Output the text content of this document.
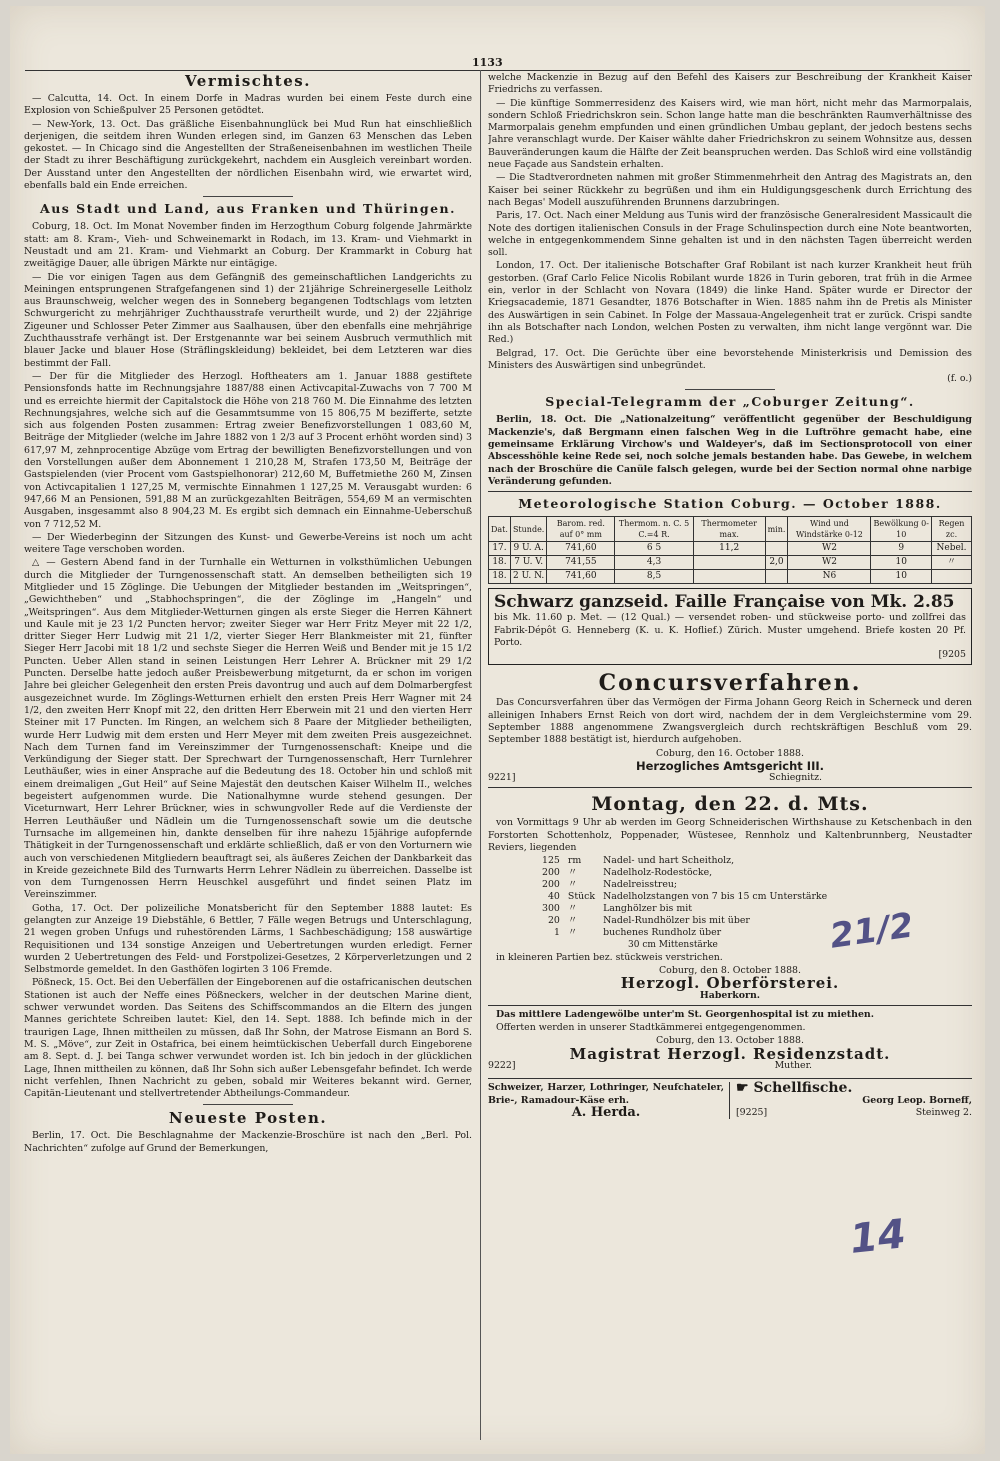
1133
Vermischtes.

— Calcutta, 14. Oct. In einem Dorfe in Madras wurden bei einem Feste durch eine Explosion von Schießpulver 25 Personen getödtet.

— New-York, 13. Oct. Das gräßliche Eisenbahnunglück bei Mud Run hat einschließlich derjenigen, die seitdem ihren Wunden erlegen sind, im Ganzen 63 Menschen das Leben gekostet. — In Chicago sind die Angestellten der Straßeneisenbahnen im westlichen Theile der Stadt zu ihrer Beschäftigung zurückgekehrt, nachdem ein Ausgleich vereinbart worden. Der Ausstand unter den Angestellten der nördlichen Eisenbahn wird, wie erwartet wird, ebenfalls bald ein Ende erreichen.

Aus Stadt und Land, aus Franken und Thüringen.

Coburg, 18. Oct. Im Monat November finden im Herzogthum Coburg folgende Jahrmärkte statt: am 8. Kram-, Vieh- und Schweinemarkt in Rodach, im 13. Kram- und Viehmarkt in Neustadt und am 21. Kram- und Viehmarkt an Coburg. Der Krammarkt in Coburg hat zweitägige Dauer, alle übrigen Märkte nur eintägige.

— Die vor einigen Tagen aus dem Gefängniß des gemeinschaftlichen Landgerichts zu Meiningen entsprungenen Strafgefangenen sind 1) der 21jährige Schreinergeselle Leitholz aus Braunschweig, welcher wegen des in Sonneberg begangenen Todtschlags vom letzten Schwurgericht zu mehrjähriger Zuchthausstrafe verurtheilt wurde, und 2) der 22jährige Zigeuner und Schlosser Peter Zimmer aus Saalhausen, über den ebenfalls eine mehrjährige Zuchthausstrafe verhängt ist. Der Erstgenannte war bei seinem Ausbruch vermuthlich mit blauer Jacke und blauer Hose (Sträflingskleidung) bekleidet, bei dem Letzteren war dies bestimmt der Fall.

— Der für die Mitglieder des Herzogl. Hoftheaters am 1. Januar 1888 gestiftete Pensionsfonds hatte im Rechnungsjahre 1887/88 einen Activcapital-Zuwachs von 7 700 M und es erreichte hiermit der Capitalstock die Höhe von 218 760 M. Die Einnahme des letzten Rechnungsjahres, welche sich auf die Gesammtsumme von 15 806,75 M bezifferte, setzte sich aus folgenden Posten zusammen: Ertrag zweier Benefizvorstellungen 1 083,60 M, Beiträge der Mitglieder (welche im Jahre 1882 von 1 2/3 auf 3 Procent erhöht worden sind) 3 617,97 M, zehnprocentige Abzüge vom Ertrag der bewilligten Benefizvorstellungen und von den Vorstellungen außer dem Abonnement 1 210,28 M, Strafen 173,50 M, Beiträge der Gastspielenden (vier Procent vom Gastspielhonorar) 212,60 M, Buffetmiethe 260 M, Zinsen von Activcapitalien 1 127,25 M, vermischte Einnahmen 1 127,25 M. Verausgabt wurden: 6 947,66 M an Pensionen, 591,88 M an zurückgezahlten Beiträgen, 554,69 M an vermischten Ausgaben, insgesammt also 8 904,23 M. Es ergibt sich demnach ein Einnahme-Ueberschuß von 7 712,52 M.

— Der Wiederbeginn der Sitzungen des Kunst- und Gewerbe-Vereins ist noch um acht weitere Tage verschoben worden.

△ — Gestern Abend fand in der Turnhalle ein Wetturnen in volksthümlichen Uebungen durch die Mitglieder der Turngenossenschaft statt. An demselben betheiligten sich 19 Mitglieder und 15 Zöglinge. Die Uebungen der Mitglieder bestanden im „Weitspringen“, „Gewichtheben“ und „Stabhochspringen“, die der Zöglinge im „Hangeln“ und „Weitspringen“. Aus dem Mitglieder-Wetturnen gingen als erste Sieger die Herren Kähnert und Kaule mit je 23 1/2 Puncten hervor; zweiter Sieger war Herr Fritz Meyer mit 22 1/2, dritter Sieger Herr Ludwig mit 21 1/2, vierter Sieger Herr Blankmeister mit 21, fünfter Sieger Herr Jacobi mit 18 1/2 und sechste Sieger die Herren Weiß und Bender mit je 15 1/2 Puncten. Ueber Allen stand in seinen Leistungen Herr Lehrer A. Brückner mit 29 1/2 Puncten. Derselbe hatte jedoch außer Preisbewerbung mitgeturnt, da er schon im vorigen Jahre bei gleicher Gelegenheit den ersten Preis davontrug und auch auf dem Dolmarbergfest ausgezeichnet wurde. Im Zöglings-Wetturnen erhielt den ersten Preis Herr Wagner mit 24 1/2, den zweiten Herr Knopf mit 22, den dritten Herr Eberwein mit 21 und den vierten Herr Steiner mit 17 Puncten. Im Ringen, an welchem sich 8 Paare der Mitglieder betheiligten, wurde Herr Ludwig mit dem ersten und Herr Meyer mit dem zweiten Preis ausgezeichnet. Nach dem Turnen fand im Vereinszimmer der Turngenossenschaft: Kneipe und die Verkündigung der Sieger statt. Der Sprechwart der Turngenossenschaft, Herr Turnlehrer Leuthäußer, wies in einer Ansprache auf die Bedeutung des 18. October hin und schloß mit einem dreimaligen „Gut Heil“ auf Seine Majestät den deutschen Kaiser Wilhelm II., welches begeistert aufgenommen wurde. Die Nationalhymne wurde stehend gesungen. Der Viceturnwart, Herr Lehrer Brückner, wies in schwungvoller Rede auf die Verdienste der Herren Leuthäußer und Nädlein um die Turngenossenschaft sowie um die deutsche Turnsache im allgemeinen hin, dankte denselben für ihre nahezu 15jährige aufopfernde Thätigkeit in der Turngenossenschaft und erklärte schließlich, daß er von den Vorturnern wie auch von verschiedenen Mitgliedern beauftragt sei, als äußeres Zeichen der Dankbarkeit das in Kreide gezeichnete Bild des Turnwarts Herrn Lehrer Nädlein zu überreichen. Dasselbe ist von dem Turngenossen Herrn Heuschkel ausgeführt und findet seinen Platz im Vereinszimmer.

Gotha, 17. Oct. Der polizeiliche Monatsbericht für den September 1888 lautet: Es gelangten zur Anzeige 19 Diebstähle, 6 Bettler, 7 Fälle wegen Betrugs und Unterschlagung, 21 wegen groben Unfugs und ruhestörenden Lärms, 1 Sachbeschädigung; 158 auswärtige Requisitionen und 134 sonstige Anzeigen und Uebertretungen wurden erledigt. Ferner wurden 2 Uebertretungen des Feld- und Forstpolizei-Gesetzes, 2 Körperverletzungen und 2 Selbstmorde gemeldet. In den Gasthöfen logirten 3 106 Fremde.

Pößneck, 15. Oct. Bei den Ueberfällen der Eingeborenen auf die ostafricanischen deutschen Stationen ist auch der Neffe eines Pößneckers, welcher in der deutschen Marine dient, schwer verwundet worden. Das Seitens des Schiffscommandos an die Eltern des jungen Mannes gerichtete Schreiben lautet: Kiel, den 14. Sept. 1888. Ich befinde mich in der traurigen Lage, Ihnen mittheilen zu müssen, daß Ihr Sohn, der Matrose Eismann an Bord S. M. S. „Möve“, zur Zeit in Ostafrica, bei einem heimtückischen Ueberfall durch Eingeborene am 8. Sept. d. J. bei Tanga schwer verwundet worden ist. Ich bin jedoch in der glücklichen Lage, Ihnen mittheilen zu können, daß Ihr Sohn sich außer Lebensgefahr befindet. Ich werde nicht verfehlen, Ihnen Nachricht zu geben, sobald mir Weiteres bekannt wird. Gerner, Capitän-Lieutenant und stellvertretender Abtheilungs-Commandeur.

Neueste Posten.

Berlin, 17. Oct. Die Beschlagnahme der Mackenzie-Broschüre ist nach den „Berl. Pol. Nachrichten“ zufolge auf Grund der Bemerkungen,

welche Mackenzie in Bezug auf den Befehl des Kaisers zur Beschreibung der Krankheit Kaiser Friedrichs zu verfassen.

— Die künftige Sommerresidenz des Kaisers wird, wie man hört, nicht mehr das Marmorpalais, sondern Schloß Friedrichskron sein. Schon lange hatte man die beschränkten Raumverhältnisse des Marmorpalais genehm empfunden und einen gründlichen Umbau geplant, der jedoch bestens sechs Jahre veranschlagt wurde. Der Kaiser wählte daher Friedrichskron zu seinem Wohnsitze aus, dessen Bauveränderungen kaum die Hälfte der Zeit beanspruchen werden. Das Schloß wird eine vollständig neue Façade aus Sandstein erhalten.

— Die Stadtverordneten nahmen mit großer Stimmenmehrheit den Antrag des Magistrats an, den Kaiser bei seiner Rückkehr zu begrüßen und ihm ein Huldigungsgeschenk durch Errichtung des nach Begas' Modell auszuführenden Brunnens darzubringen.

Paris, 17. Oct. Nach einer Meldung aus Tunis wird der französische Generalresident Massicault die Note des dortigen italienischen Consuls in der Frage Schulinspection durch eine Note beantworten, welche in entgegenkommendem Sinne gehalten ist und in den nächsten Tagen überreicht werden soll.

London, 17. Oct. Der italienische Botschafter Graf Robilant ist nach kurzer Krankheit heut früh gestorben. (Graf Carlo Felice Nicolis Robilant wurde 1826 in Turin geboren, trat früh in die Armee ein, verlor in der Schlacht von Novara (1849) die linke Hand. Später wurde er Director der Kriegsacademie, 1871 Gesandter, 1876 Botschafter in Wien. 1885 nahm ihn de Pretis als Minister des Auswärtigen in sein Cabinet. In Folge der Massaua-Angelegenheit trat er zurück. Crispi sandte ihn als Botschafter nach London, welchen Posten zu verwalten, ihm nicht lange vergönnt war. Die Red.)

Belgrad, 17. Oct. Die Gerüchte über eine bevorstehende Ministerkrisis und Demission des Ministers des Auswärtigen sind unbegründet.

(f. o.)
Special-Telegramm der „Coburger Zeitung“.

Berlin, 18. Oct. Die „Nationalzeitung“ veröffentlicht gegenüber der Beschuldigung Mackenzie's, daß Bergmann einen falschen Weg in die Luftröhre gemacht habe, eine gemeinsame Erklärung Virchow's und Waldeyer's, daß im Sectionsprotocoll von einer Abscesshöhle keine Rede sei, noch solche jemals bestanden habe. Das Gewebe, in welchem nach der Broschüre die Canüle falsch gelegen, wurde bei der Section normal ohne narbige Veränderung gefunden.

Meteorologische Station Coburg. — October 1888.
Dat.	Stunde.	Barom. red. auf 0° mm	Thermom. n. C. 5 C.=4 R.	Thermometer max.	min.	Wind und Windstärke 0-12	Bewölkung 0-10	Regen zc.
17.	9 U. A.	741,60	6 5	11,2		W2	9	Nebel.
18.	7 U. V.	741,55	4,3		2,0	W2	10	〃
18.	2 U. N.	741,60	8,5			N6	10	
Schwarz ganzseid. Faille Française von Mk. 2.85
bis Mk. 11.60 p. Met. — (12 Qual.) — versendet roben- und stückweise porto- und zollfrei das Fabrik-Dépôt G. Henneberg (K. u. K. Hoflief.) Zürich. Muster umgehend. Briefe kosten 20 Pf. Porto.
[9205
Concursverfahren.

Das Concursverfahren über das Vermögen der Firma Johann Georg Reich in Scherneck und deren alleinigen Inhabers Ernst Reich von dort wird, nachdem der in dem Vergleichstermine vom 29. September 1888 angenommene Zwangsvergleich durch rechtskräftigen Beschluß vom 29. September 1888 bestätigt ist, hierdurch aufgehoben.

Coburg, den 16. October 1888.
Herzogliches Amtsgericht III.
9221]	Schiegnitz.
Montag, den 22. d. Mts.

von Vormittags 9 Uhr ab werden im Georg Schneiderischen Wirthshause zu Ketschenbach in den Forstorten Schottenholz, Poppenader, Wüstesee, Rennholz und Kaltenbrunnberg, Neustadter Reviers, liegenden

125	rm	Nadel- und hart Scheitholz,
200	〃	Nadelholz-Rodestöcke,
200	〃	Nadelreisstreu;
40	Stück	Nadelholzstangen von 7 bis 15 cm Unterstärke
300	〃	Langhölzer bis mit
20	〃	Nadel-Rundhölzer bis mit über
1	〃	buchenes Rundholz über
30 cm Mittenstärke

in kleineren Partien bez. stückweis verstrichen.

Coburg, den 8. October 1888.
Herzogl. Oberförsterei.
Haberkorn.

Das mittlere Ladengewölbe unter'm St. Georgenhospital ist zu miethen.

Offerten werden in unserer Stadtkämmerei entgegengenommen.

Coburg, den 13. October 1888.
Magistrat Herzogl. Residenzstadt.
9222]	Muther.
Schweizer, Harzer, Lothringer, Neufchateler, Brie-, Ramadour-Käse erh.
A. Herda.
☛ Schellfische.
Georg Leop. Borneff,
[9225]	Steinweg 2.
21/2
14
